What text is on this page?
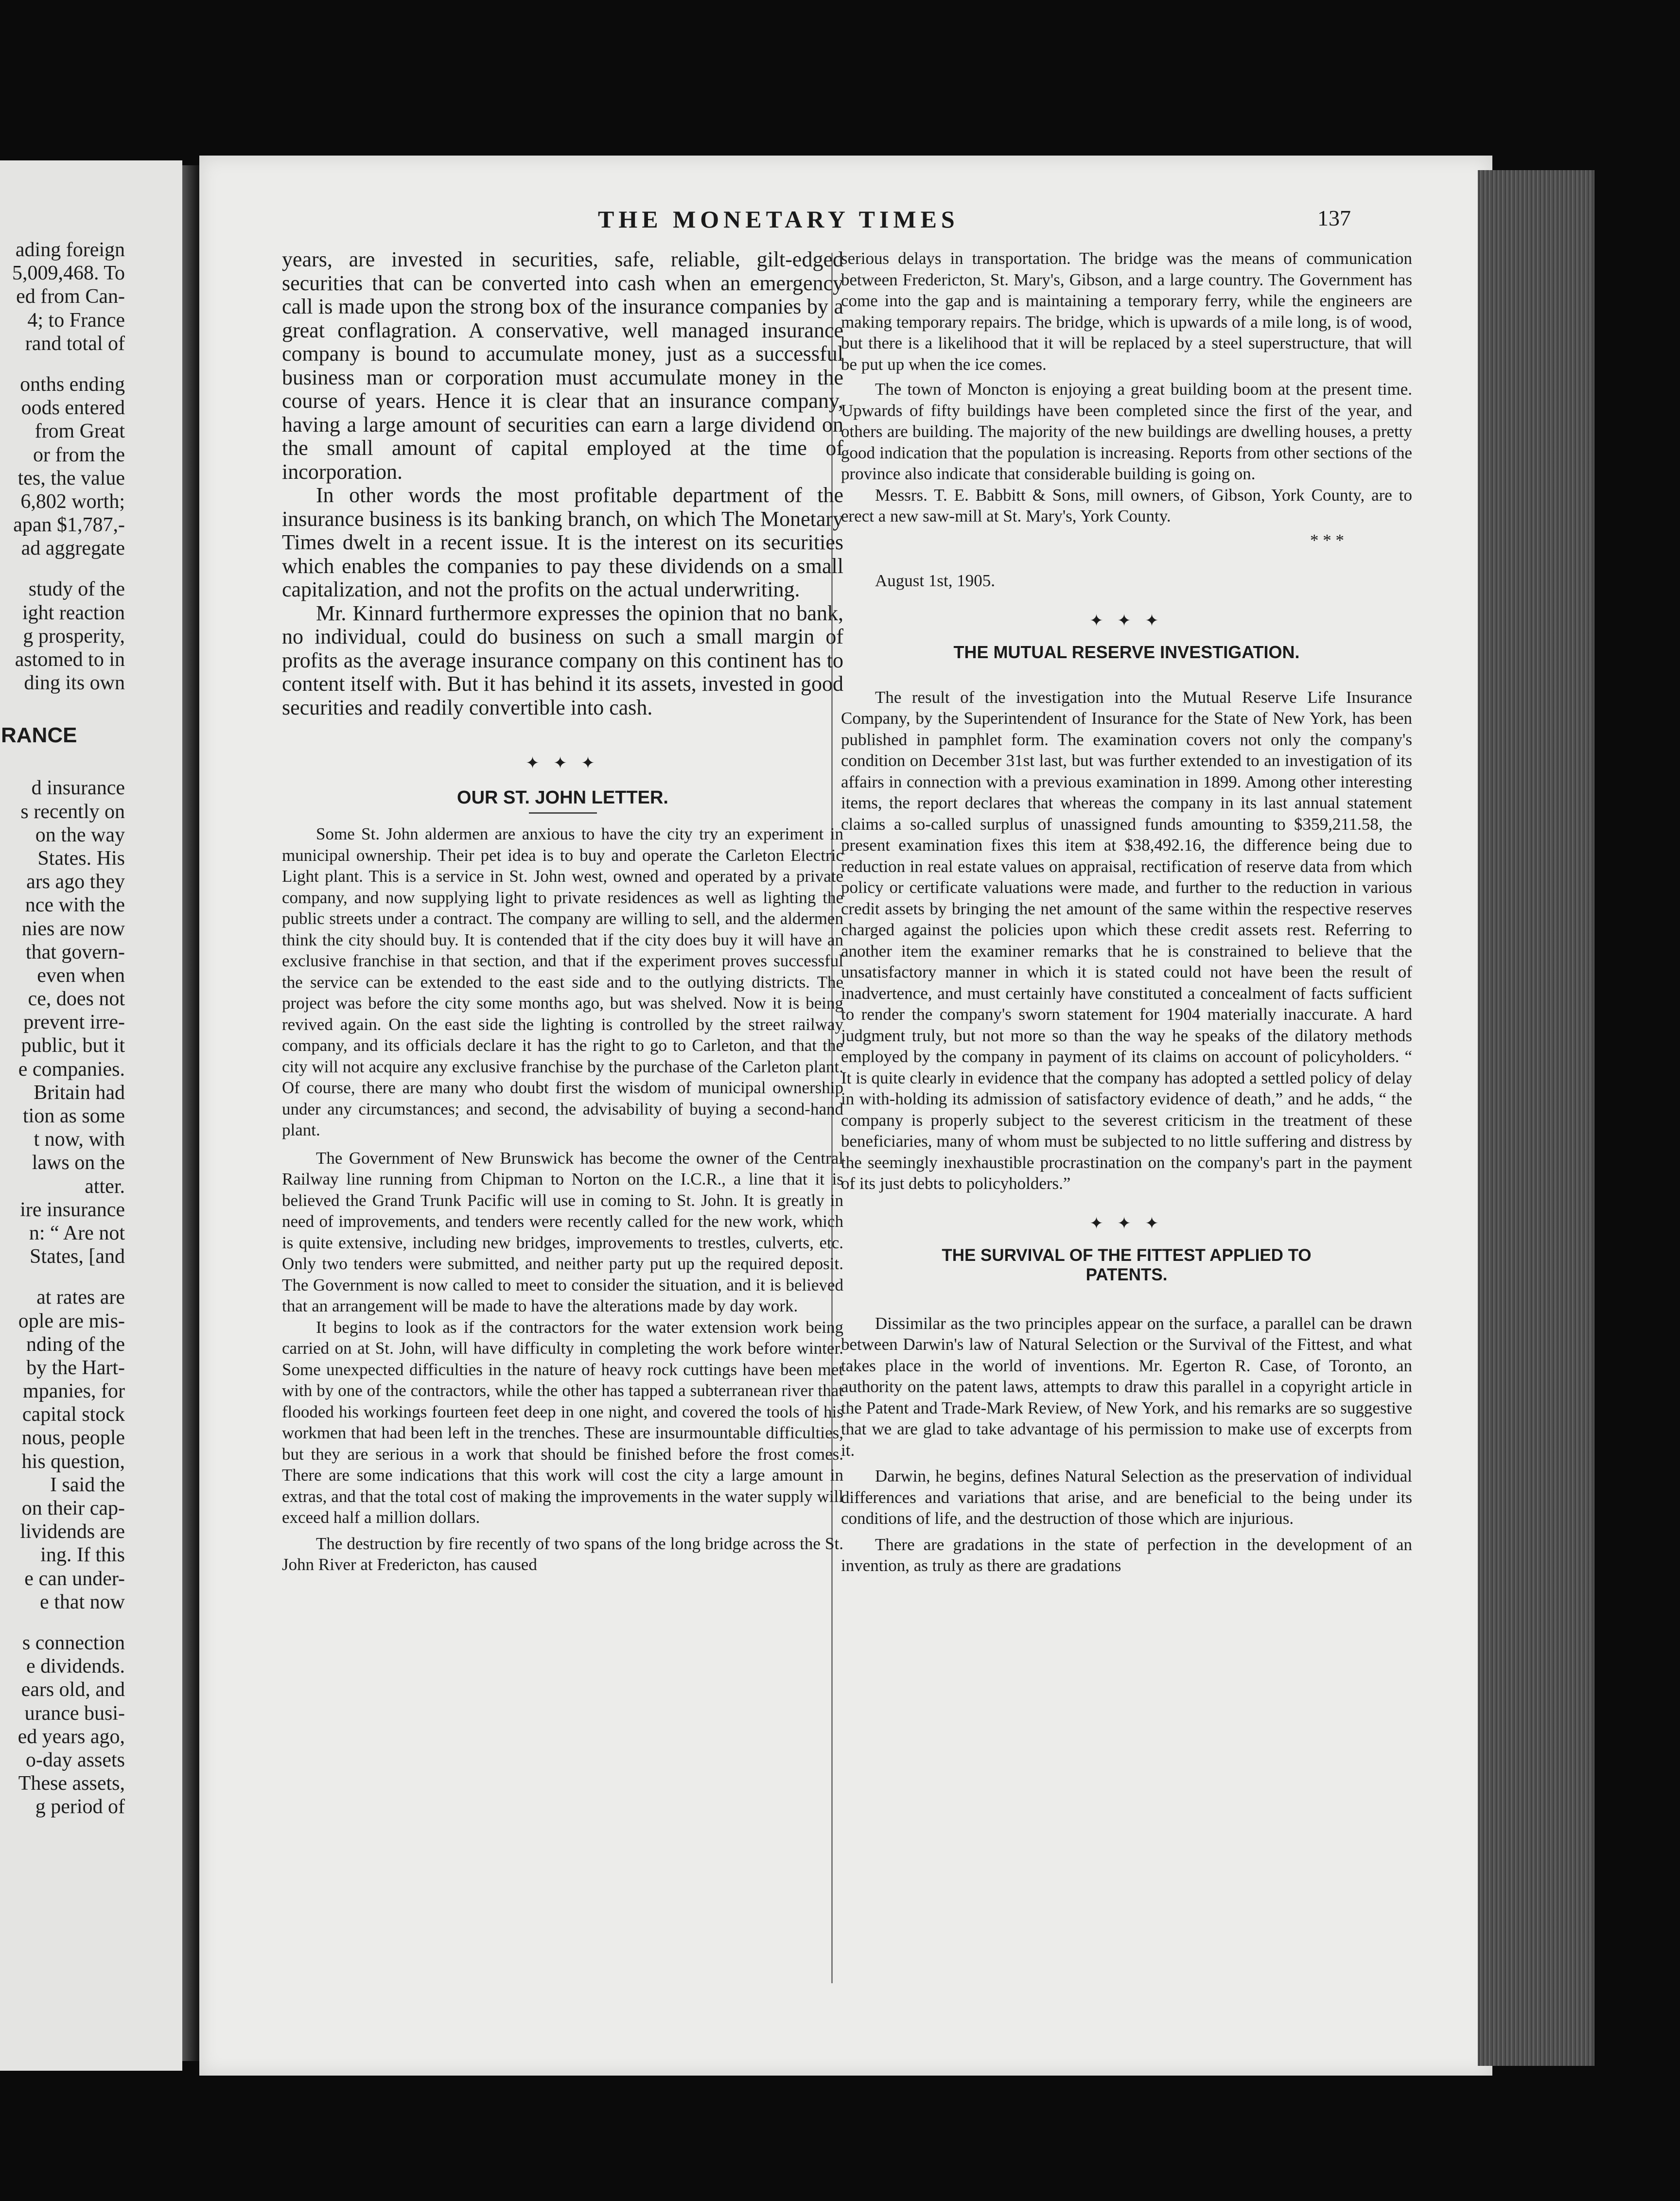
ading foreign
5,009,468. To
ed from Can-
4; to France
rand total of
onths ending
oods entered
from Great
or from the
tes, the value
6,802 worth;
apan $1,787,-
ad aggregate
study of the
ight reaction
g prosperity,
astomed to in
ding its own
RANCE
d insurance
s recently on
on the way
States. His
ars ago they
nce with the
nies are now
that govern-
even when
ce, does not
prevent irre-
public, but it
e companies.
Britain had
tion as some
t now, with
laws on the
atter.
ire insurance
n: “ Are not
States, [and
at rates are
ople are mis-
nding of the
by the Hart-
mpanies, for
capital stock
nous, people
his question,
I said the
on their cap-
lividends are
ing. If this
e can under-
e that now
s connection
e dividends.
ears old, and
urance busi-
ed years ago,
o-day assets
These assets,
g period of
THE MONETARY TIMES	137

years, are invested in securities, safe, reliable, gilt-edged securities that can be converted into cash when an emergency call is made upon the strong box of the insurance companies by a great conflagration. A conservative, well managed insurance company is bound to accumulate money, just as a successful business man or corporation must accumulate money in the course of years. Hence it is clear that an insurance company, having a large amount of securities can earn a large dividend on the small amount of capital employed at the time of incorporation.

In other words the most profitable department of the insurance business is its banking branch, on which The Monetary Times dwelt in a recent issue. It is the interest on its securities which enables the companies to pay these dividends on a small capitalization, and not the profits on the actual underwriting.

Mr. Kinnard furthermore expresses the opinion that no bank, no individual, could do business on such a small margin of profits as the average insurance company on this continent has to content itself with. But it has behind it its assets, invested in good securities and readily convertible into cash.

✦ ✦ ✦
OUR ST. JOHN LETTER.

Some St. John aldermen are anxious to have the city try an experiment in municipal ownership. Their pet idea is to buy and operate the Carleton Electric Light plant. This is a service in St. John west, owned and operated by a private company, and now supplying light to private residences as well as lighting the public streets under a contract. The company are willing to sell, and the aldermen think the city should buy. It is contended that if the city does buy it will have an exclusive franchise in that section, and that if the experiment proves successful the service can be extended to the east side and to the outlying districts. The project was before the city some months ago, but was shelved. Now it is being revived again. On the east side the lighting is controlled by the street railway company, and its officials declare it has the right to go to Carleton, and that the city will not acquire any exclusive franchise by the purchase of the Carleton plant. Of course, there are many who doubt first the wisdom of municipal ownership under any circumstances; and second, the advisability of buying a second-hand plant.

The Government of New Brunswick has become the owner of the Central Railway line running from Chipman to Norton on the I.C.R., a line that it is believed the Grand Trunk Pacific will use in coming to St. John. It is greatly in need of improvements, and tenders were recently called for the new work, which is quite extensive, including new bridges, improvements to trestles, culverts, etc. Only two tenders were submitted, and neither party put up the required deposit. The Government is now called to meet to consider the situation, and it is believed that an arrangement will be made to have the alterations made by day work.

It begins to look as if the contractors for the water extension work being carried on at St. John, will have difficulty in completing the work before winter. Some unexpected difficulties in the nature of heavy rock cuttings have been met with by one of the contractors, while the other has tapped a subterranean river that flooded his workings fourteen feet deep in one night, and covered the tools of his workmen that had been left in the trenches. These are insurmountable difficulties, but they are serious in a work that should be finished before the frost comes. There are some indications that this work will cost the city a large amount in extras, and that the total cost of making the improvements in the water supply will exceed half a million dollars.

The destruction by fire recently of two spans of the long bridge across the St. John River at Fredericton, has caused

serious delays in transportation. The bridge was the means of communication between Fredericton, St. Mary's, Gibson, and a large country. The Government has come into the gap and is maintaining a temporary ferry, while the engineers are making temporary repairs. The bridge, which is upwards of a mile long, is of wood, but there is a likelihood that it will be replaced by a steel superstructure, that will be put up when the ice comes.

The town of Moncton is enjoying a great building boom at the present time. Upwards of fifty buildings have been completed since the first of the year, and others are building. The majority of the new buildings are dwelling houses, a pretty good indication that the population is increasing. Reports from other sections of the province also indicate that considerable building is going on.

Messrs. T. E. Babbitt & Sons, mill owners, of Gibson, York County, are to erect a new saw-mill at St. Mary's, York County.

* * *
August 1st, 1905.
✦ ✦ ✦
THE MUTUAL RESERVE INVESTIGATION.

The result of the investigation into the Mutual Reserve Life Insurance Company, by the Superintendent of Insurance for the State of New York, has been published in pamphlet form. The examination covers not only the company's condition on December 31st last, but was further extended to an investigation of its affairs in connection with a previous examination in 1899. Among other interesting items, the report declares that whereas the company in its last annual statement claims a so-called surplus of unassigned funds amounting to $359,211.58, the present examination fixes this item at $38,492.16, the difference being due to reduction in real estate values on appraisal, rectification of reserve data from which policy or certificate valuations were made, and further to the reduction in various credit assets by bringing the net amount of the same within the respective reserves charged against the policies upon which these credit assets rest. Referring to another item the examiner remarks that he is constrained to believe that the unsatisfactory manner in which it is stated could not have been the result of inadvertence, and must certainly have constituted a concealment of facts sufficient to render the company's sworn statement for 1904 materially inaccurate. A hard judgment truly, but not more so than the way he speaks of the dilatory methods employed by the company in payment of its claims on account of policyholders. “ It is quite clearly in evidence that the company has adopted a settled policy of delay in with-holding its admission of satisfactory evidence of death,” and he adds, “ the company is properly subject to the severest criticism in the treatment of these beneficiaries, many of whom must be subjected to no little suffering and distress by the seemingly inexhaustible procrastination on the company's part in the payment of its just debts to policyholders.”

✦ ✦ ✦
THE SURVIVAL OF THE FITTEST APPLIED TO
PATENTS.

Dissimilar as the two principles appear on the surface, a parallel can be drawn between Darwin's law of Natural Selection or the Survival of the Fittest, and what takes place in the world of inventions. Mr. Egerton R. Case, of Toronto, an authority on the patent laws, attempts to draw this parallel in a copyright article in the Patent and Trade-Mark Review, of New York, and his remarks are so suggestive that we are glad to take advantage of his permission to make use of excerpts from it.

Darwin, he begins, defines Natural Selection as the preservation of individual differences and variations that arise, and are beneficial to the being under its conditions of life, and the destruction of those which are injurious.

There are gradations in the state of perfection in the development of an invention, as truly as there are gradations
